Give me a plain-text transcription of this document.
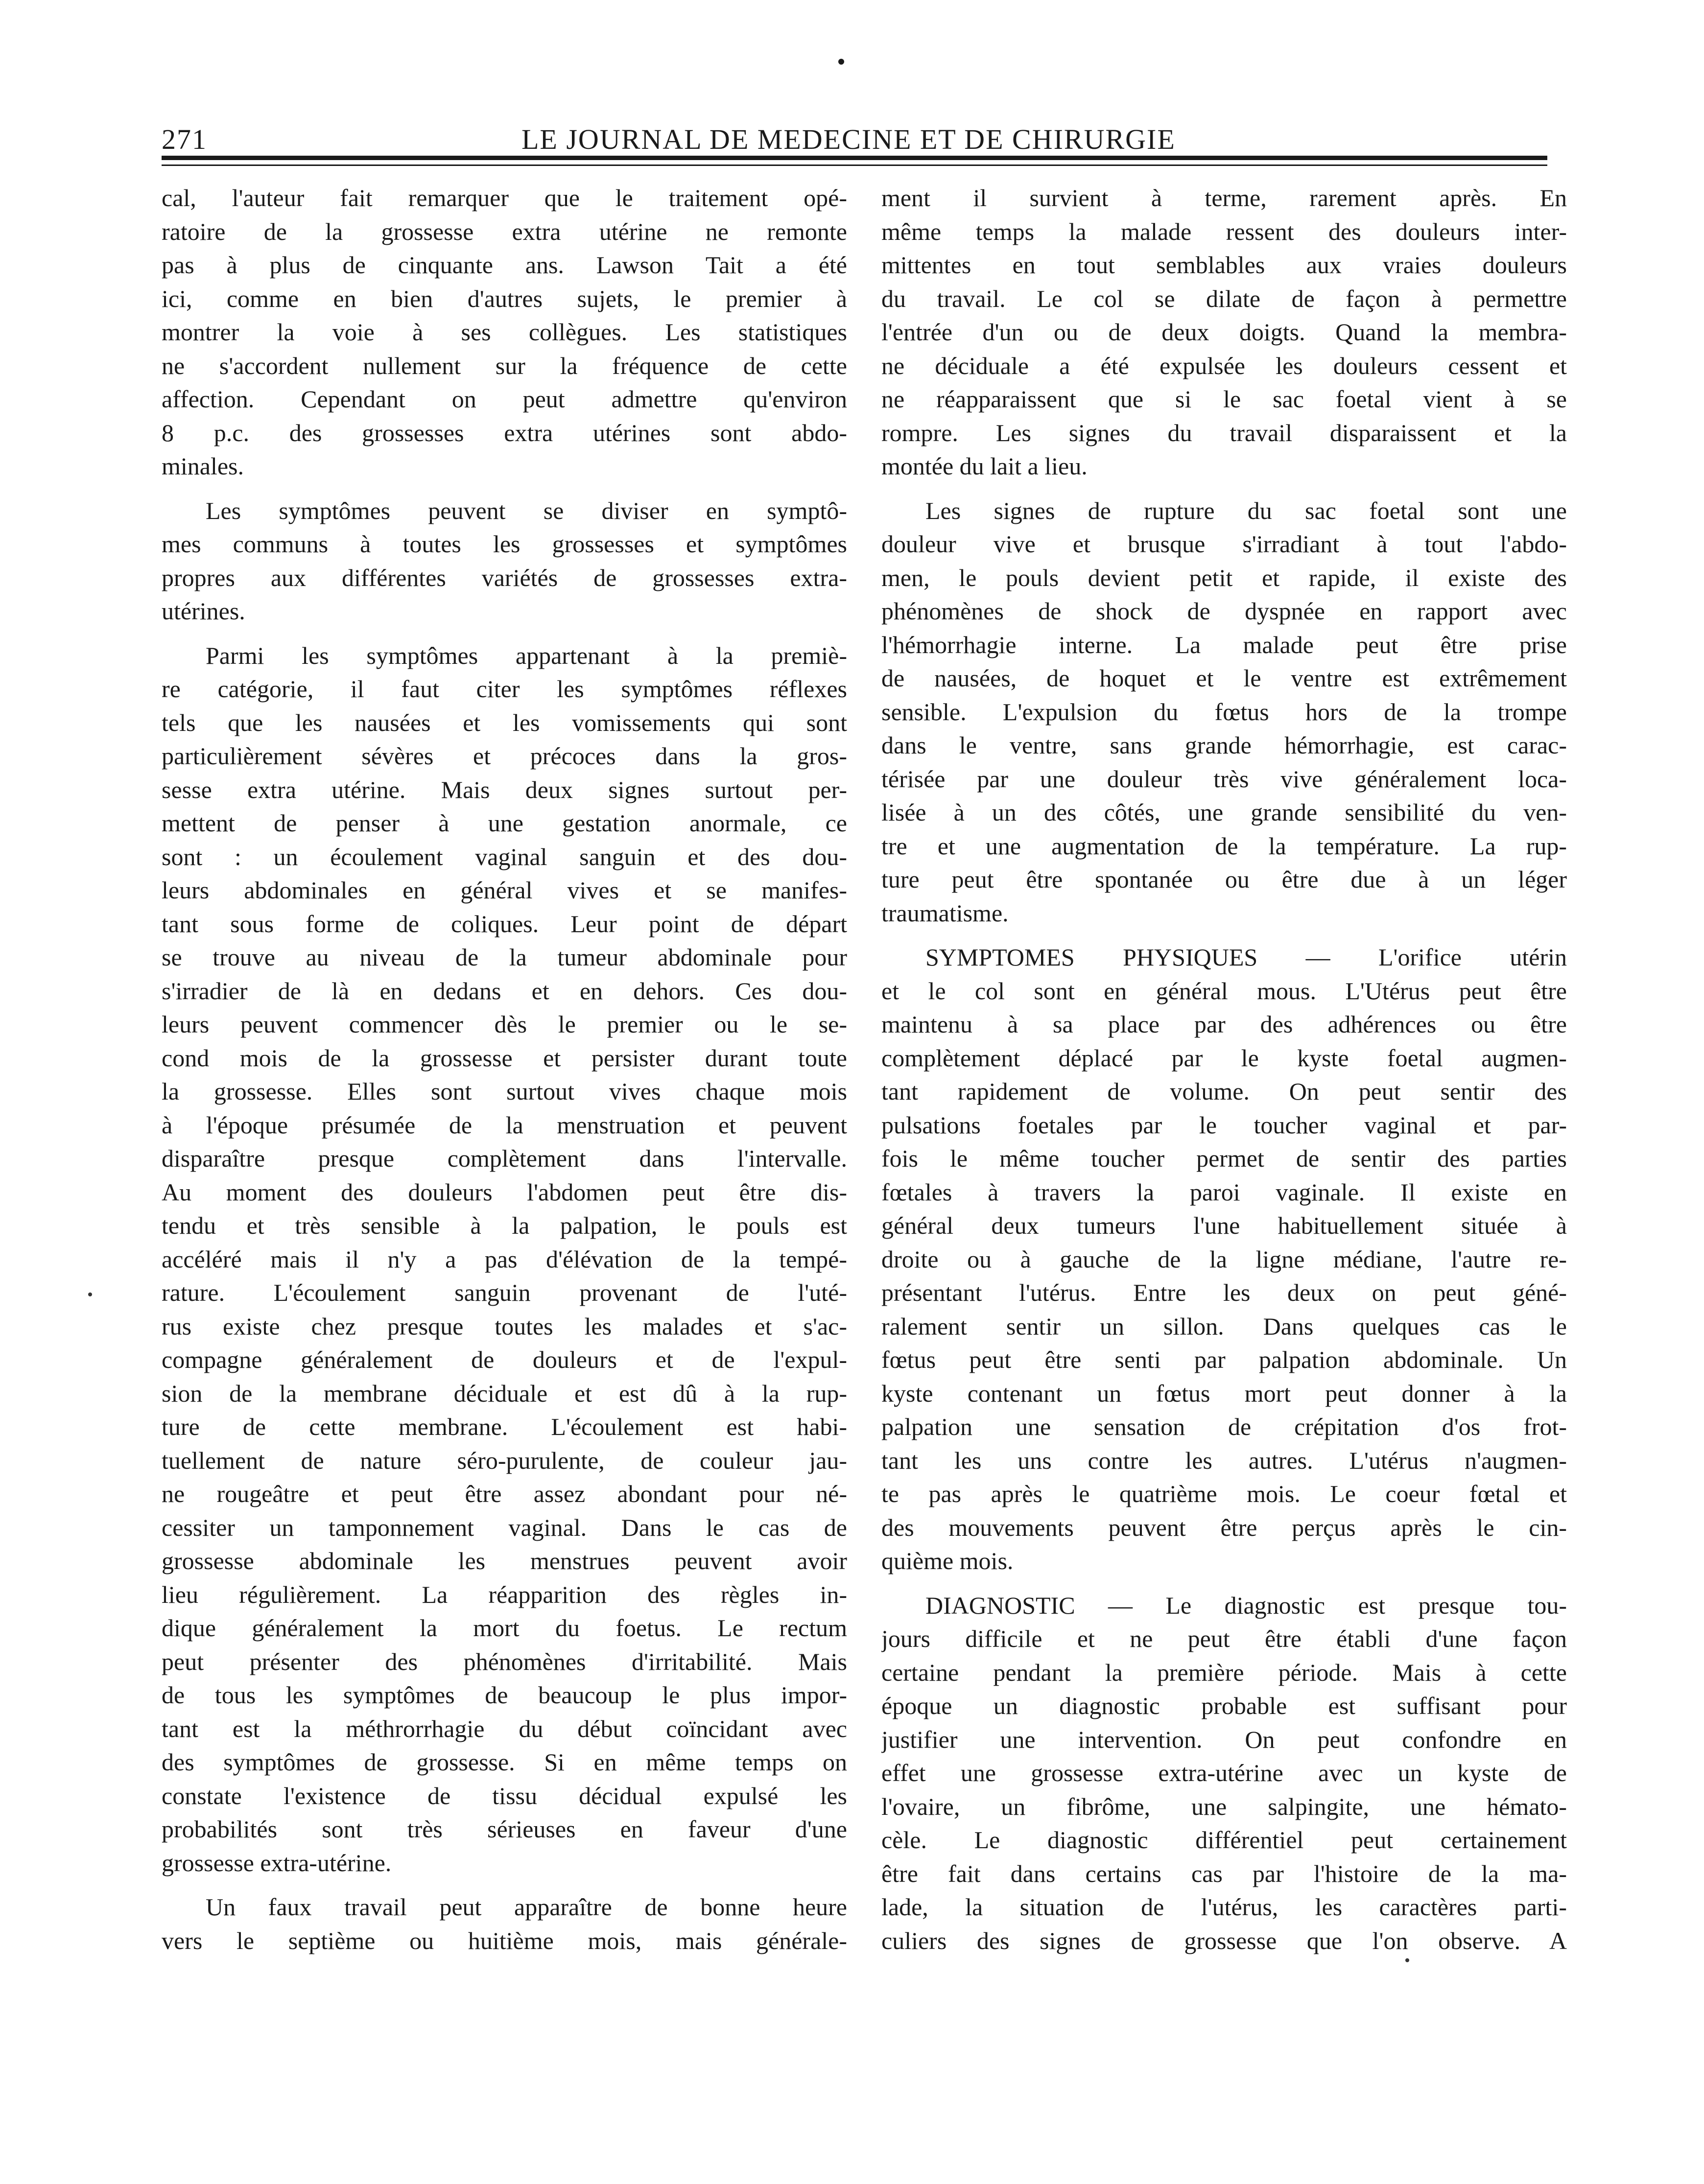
271	LE JOURNAL DE MEDECINE ET DE CHIRURGIE
cal, l'auteur fait remarquer que le traitement opé-
ratoire de la grossesse extra utérine ne remonte
pas à plus de cinquante ans. Lawson Tait a été
ici, comme en bien d'autres sujets, le premier à
montrer la voie à ses collègues. Les statistiques
ne s'accordent nullement sur la fréquence de cette
affection. Cependant on peut admettre qu'environ
8 p.c. des grossesses extra utérines sont abdo-
minales.
Les symptômes peuvent se diviser en symptô-
mes communs à toutes les grossesses et symptômes
propres aux différentes variétés de grossesses extra-
utérines.
Parmi les symptômes appartenant à la premiè-
re catégorie, il faut citer les symptômes réflexes
tels que les nausées et les vomissements qui sont
particulièrement sévères et précoces dans la gros-
sesse extra utérine. Mais deux signes surtout per-
mettent de penser à une gestation anormale, ce
sont : un écoulement vaginal sanguin et des dou-
leurs abdominales en général vives et se manifes-
tant sous forme de coliques. Leur point de départ
se trouve au niveau de la tumeur abdominale pour
s'irradier de là en dedans et en dehors. Ces dou-
leurs peuvent commencer dès le premier ou le se-
cond mois de la grossesse et persister durant toute
la grossesse. Elles sont surtout vives chaque mois
à l'époque présumée de la menstruation et peuvent
disparaître presque complètement dans l'intervalle.
Au moment des douleurs l'abdomen peut être dis-
tendu et très sensible à la palpation, le pouls est
accéléré mais il n'y a pas d'élévation de la tempé-
rature. L'écoulement sanguin provenant de l'uté-
rus existe chez presque toutes les malades et s'ac-
compagne généralement de douleurs et de l'expul-
sion de la membrane déciduale et est dû à la rup-
ture de cette membrane. L'écoulement est habi-
tuellement de nature séro-purulente, de couleur jau-
ne rougeâtre et peut être assez abondant pour né-
cessiter un tamponnement vaginal. Dans le cas de
grossesse abdominale les menstrues peuvent avoir
lieu régulièrement. La réapparition des règles in-
dique généralement la mort du foetus. Le rectum
peut présenter des phénomènes d'irritabilité. Mais
de tous les symptômes de beaucoup le plus impor-
tant est la méthrorrhagie du début coïncidant avec
des symptômes de grossesse. Si en même temps on
constate l'existence de tissu décidual expulsé les
probabilités sont très sérieuses en faveur d'une
grossesse extra-utérine.
Un faux travail peut apparaître de bonne heure
vers le septième ou huitième mois, mais générale-
ment il survient à terme, rarement après. En
même temps la malade ressent des douleurs inter-
mittentes en tout semblables aux vraies douleurs
du travail. Le col se dilate de façon à permettre
l'entrée d'un ou de deux doigts. Quand la membra-
ne déciduale a été expulsée les douleurs cessent et
ne réapparaissent que si le sac foetal vient à se
rompre. Les signes du travail disparaissent et la
montée du lait a lieu.
Les signes de rupture du sac foetal sont une
douleur vive et brusque s'irradiant à tout l'abdo-
men, le pouls devient petit et rapide, il existe des
phénomènes de shock de dyspnée en rapport avec
l'hémorrhagie interne. La malade peut être prise
de nausées, de hoquet et le ventre est extrêmement
sensible. L'expulsion du fœtus hors de la trompe
dans le ventre, sans grande hémorrhagie, est carac-
térisée par une douleur très vive généralement loca-
lisée à un des côtés, une grande sensibilité du ven-
tre et une augmentation de la température. La rup-
ture peut être spontanée ou être due à un léger
traumatisme.
SYMPTOMES PHYSIQUES — L'orifice utérin
et le col sont en général mous. L'Utérus peut être
maintenu à sa place par des adhérences ou être
complètement déplacé par le kyste foetal augmen-
tant rapidement de volume. On peut sentir des
pulsations foetales par le toucher vaginal et par-
fois le même toucher permet de sentir des parties
fœtales à travers la paroi vaginale. Il existe en
général deux tumeurs l'une habituellement située à
droite ou à gauche de la ligne médiane, l'autre re-
présentant l'utérus. Entre les deux on peut géné-
ralement sentir un sillon. Dans quelques cas le
fœtus peut être senti par palpation abdominale. Un
kyste contenant un fœtus mort peut donner à la
palpation une sensation de crépitation d'os frot-
tant les uns contre les autres. L'utérus n'augmen-
te pas après le quatrième mois. Le coeur fœtal et
des mouvements peuvent être perçus après le cin-
quième mois.
DIAGNOSTIC — Le diagnostic est presque tou-
jours difficile et ne peut être établi d'une façon
certaine pendant la première période. Mais à cette
époque un diagnostic probable est suffisant pour
justifier une intervention. On peut confondre en
effet une grossesse extra-utérine avec un kyste de
l'ovaire, un fibrôme, une salpingite, une hémato-
cèle. Le diagnostic différentiel peut certainement
être fait dans certains cas par l'histoire de la ma-
lade, la situation de l'utérus, les caractères parti-
culiers des signes de grossesse que l'on observe. A
